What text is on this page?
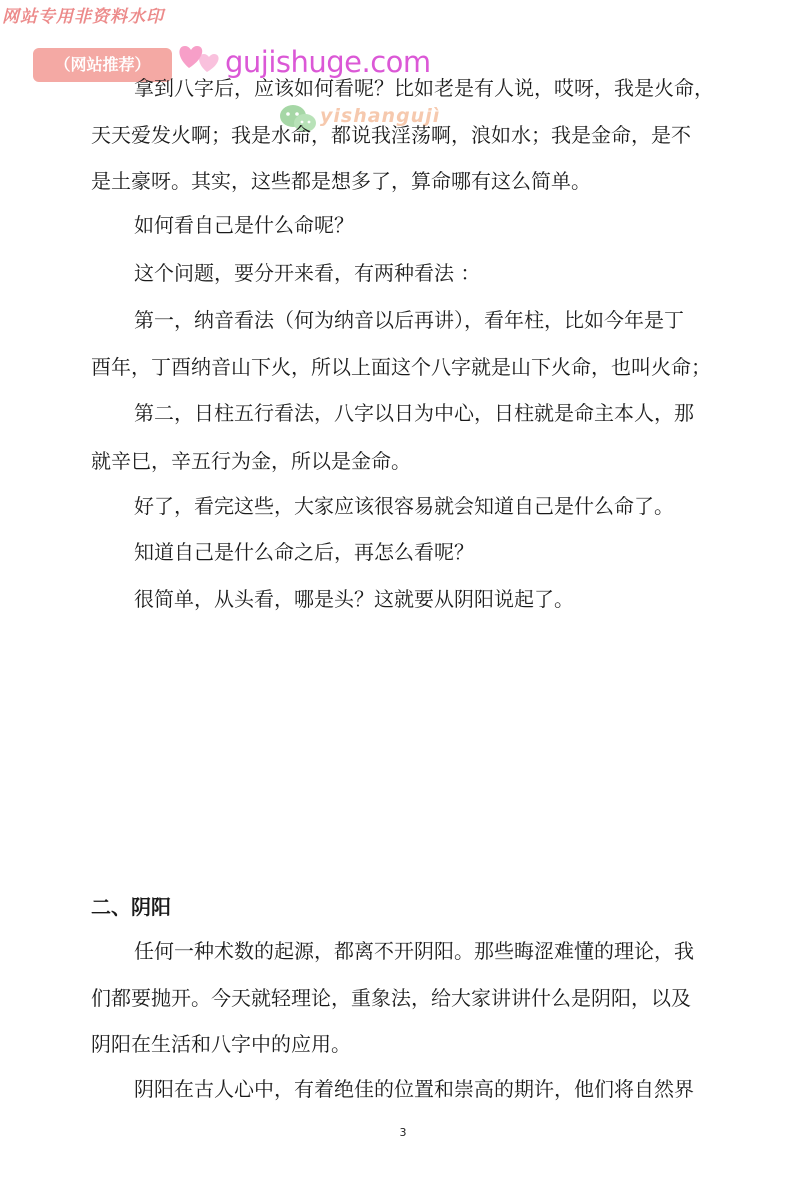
网站专用非资料水印
（网站推荐）	gujishuge.com
yishangujì

拿到八字后，应该如何看呢？比如老是有人说，哎呀，我是火命，

天天爱发火啊；我是水命，都说我淫荡啊，浪如水；我是金命，是不

是土豪呀。其实，这些都是想多了，算命哪有这么简单。

如何看自己是什么命呢？

这个问题，要分开来看，有两种看法 ：

第一，纳音看法（何为纳音以后再讲），看年柱，比如今年是丁

酉年，丁酉纳音山下火，所以上面这个八字就是山下火命，也叫火命；

第二，日柱五行看法，八字以日为中心，日柱就是命主本人，那

就辛巳，辛五行为金，所以是金命。

好了，看完这些，大家应该很容易就会知道自己是什么命了。

知道自己是什么命之后，再怎么看呢？

很简单，从头看，哪是头？这就要从阴阳说起了。

二、阴阳

任何一种术数的起源，都离不开阴阳。那些晦涩难懂的理论，我

们都要抛开。今天就轻理论，重象法，给大家讲讲什么是阴阳，以及

阴阳在生活和八字中的应用。

阴阳在古人心中，有着绝佳的位置和崇高的期许，他们将自然界

3
